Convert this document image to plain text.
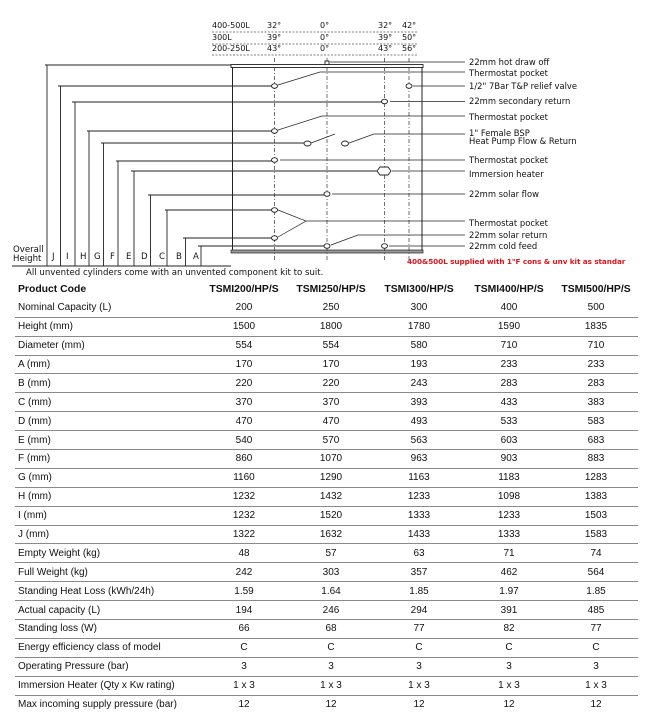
400-500L 32°	0°	32° 42°
300L	39°	0°	39° 50°
200-250L 43°	0°	43° 56°
Overall
Height J I H G F E D C B A
22mm hot draw off
Thermostat pocket
1/2" 7Bar T&P relief valve
22mm secondary return
Thermostat pocket
1" Female BSP
Heat Pump Flow & Return
Thermostat pocket
Immersion heater
22mm solar flow
Thermostat pocket
22mm solar return
22mm cold feed
400&500L supplied with 1"F cons & unv kit as standar
All unvented cylinders come with an unvented component kit to suit.
Product Code	TSMI200/HP/S	TSMI250/HP/S	TSMI300/HP/S	TSMI400/HP/S	TSMI500/HP/S
Nominal Capacity (L)	200	250	300	400	500
Height (mm)	1500	1800	1780	1590	1835
Diameter (mm)	554	554	580	710	710
A (mm)	170	170	193	233	233
B (mm)	220	220	243	283	283
C (mm)	370	370	393	433	383
D (mm)	470	470	493	533	583
E (mm)	540	570	563	603	683
F (mm)	860	1070	963	903	883
G (mm)	1160	1290	1163	1183	1283
H (mm)	1232	1432	1233	1098	1383
I (mm)	1232	1520	1333	1233	1503
J (mm)	1322	1632	1433	1333	1583
Empty Weight (kg)	48	57	63	71	74
Full Weight (kg)	242	303	357	462	564
Standing Heat Loss (kWh/24h)	1.59	1.64	1.85	1.97	1.85
Actual capacity (L)	194	246	294	391	485
Standing loss (W)	66	68	77	82	77
Energy efficiency class of model	C	C	C	C	C
Operating Pressure (bar)	3	3	3	3	3
Immersion Heater (Qty x Kw rating)	1 x 3	1 x 3	1 x 3	1 x 3	1 x 3
Max incoming supply pressure (bar)	12	12	12	12	12
